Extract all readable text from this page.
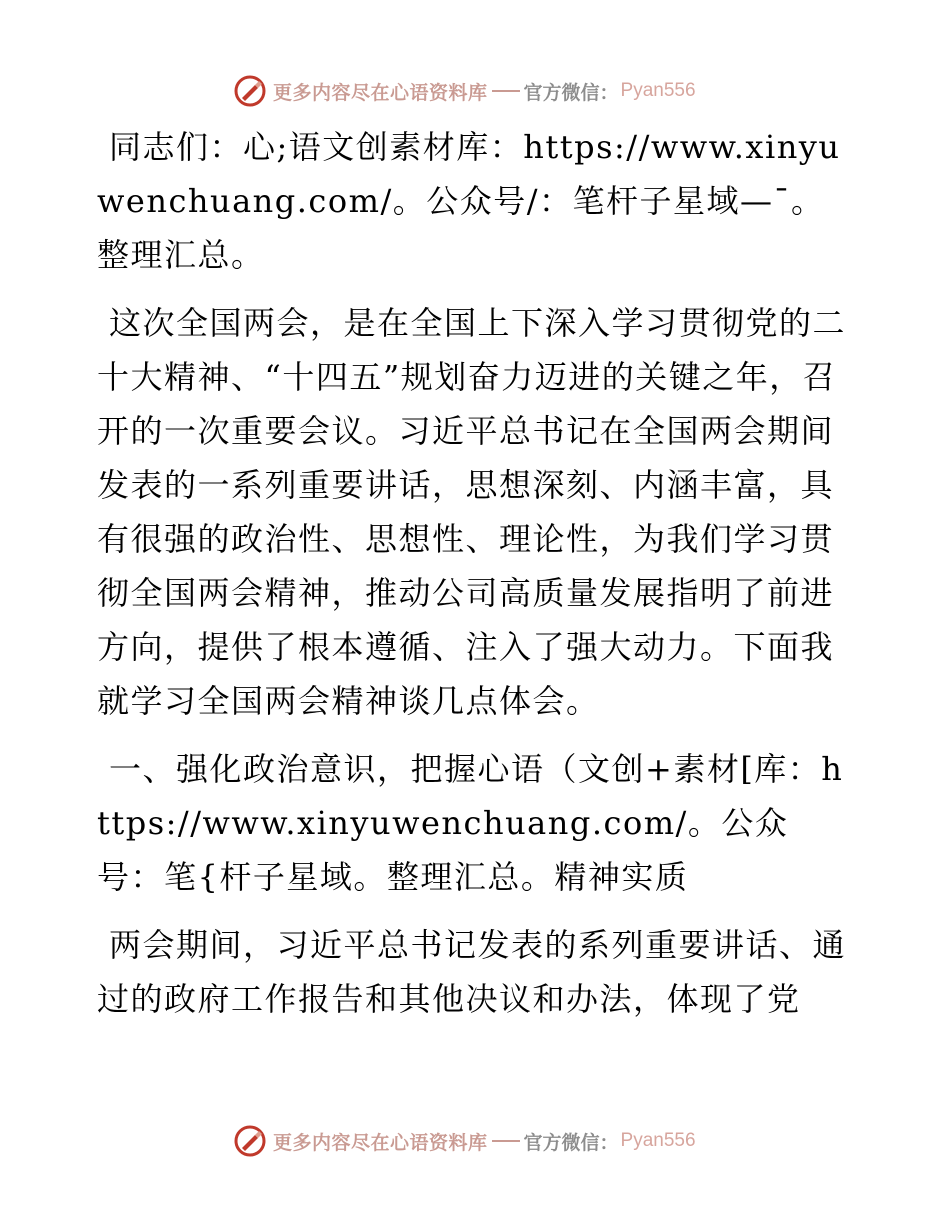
更多内容尽在心语资料库 官方微信： Pyan556

同志们：心;语文创素材库：https://www.xinyuwenchuang.com/。公众号/：笔杆子星域—¯。整理汇总。

这次全国两会，是在全国上下深入学习贯彻党的二十大精神、“十四五”规划奋力迈进的关键之年，召开的一次重要会议。习近平总书记在全国两会期间发表的一系列重要讲话，思想深刻、内涵丰富，具有很强的政治性、思想性、理论性，为我们学习贯彻全国两会精神，推动公司高质量发展指明了前进方向，提供了根本遵循、注入了强大动力。下面我就学习全国两会精神谈几点体会。

一、强化政治意识，把握心语（文创+素材[库：https://www.xinyuwenchuang.com/。公众号：笔{杆子星域。整理汇总。精神实质

两会期间，习近平总书记发表的系列重要讲话、通过的政府工作报告和其他决议和办法，体现了党

更多内容尽在心语资料库 官方微信： Pyan556
